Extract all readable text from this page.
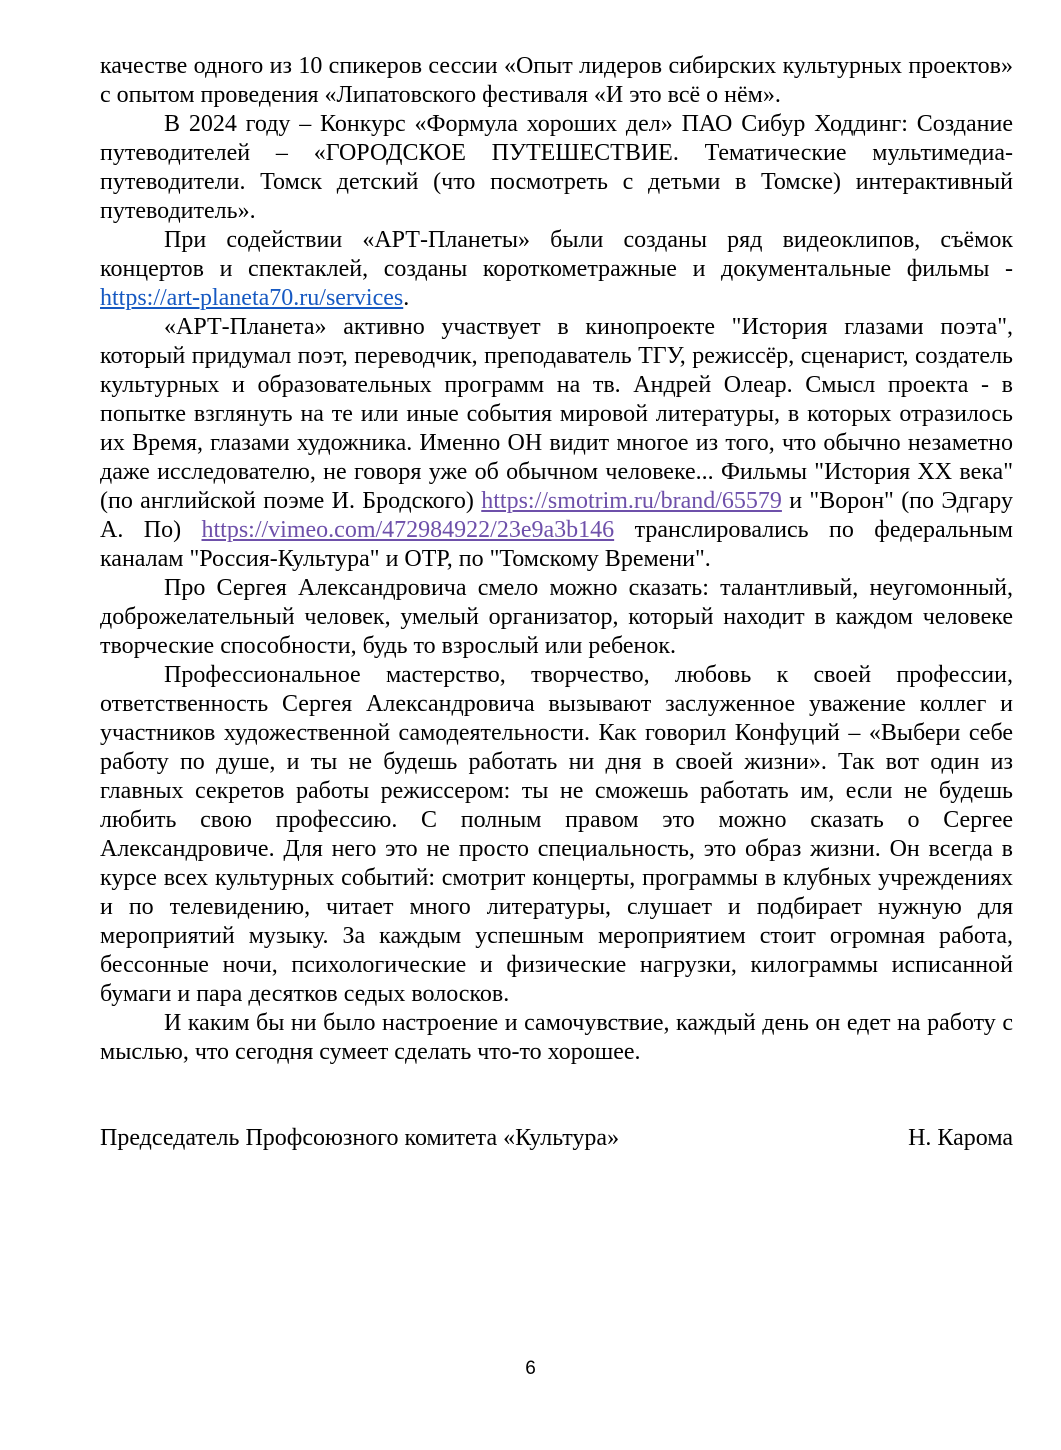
качестве одного из 10 спикеров сессии «Опыт лидеров сибирских культурных проектов» с опытом проведения «Липатовского фестиваля «И это всё о нём».

В 2024 году – Конкурс «Формула хороших дел» ПАО Сибур Ходдинг: Создание путеводителей – «ГОРОДСКОЕ ПУТЕШЕСТВИЕ. Тематические мультимедиа-путеводители. Томск детский (что посмотреть с детьми в Томске) интерактивный путеводитель».

При содействии «АРТ-Планеты» были созданы ряд видеоклипов, съёмок концертов и спектаклей, созданы короткометражные и документальные фильмы - https://art-planeta70.ru/services.

«АРТ-Планета» активно участвует в кинопроекте "История глазами поэта", который придумал поэт, переводчик, преподаватель ТГУ, режиссёр, сценарист, создатель культурных и образовательных программ на тв. Андрей Олеар. Смысл проекта - в попытке взглянуть на те или иные события мировой литературы, в которых отразилось их Время, глазами художника. Именно ОН видит многое из того, что обычно незаметно даже исследователю, не говоря уже об обычном человеке... Фильмы "История XX века" (по английской поэме И. Бродского) https://smotrim.ru/brand/65579 и "Ворон" (по Эдгару А. По) https://vimeo.com/472984922/23e9a3b146 транслировались по федеральным каналам "Россия-Культура" и ОТР, по "Томскому Времени".

Про Сергея Александровича смело можно сказать: талантливый, неугомонный, доброжелательный человек, умелый организатор, который находит в каждом человеке творческие способности, будь то взрослый или ребенок.

Профессиональное мастерство, творчество, любовь к своей профессии, ответственность Сергея Александровича вызывают заслуженное уважение коллег и участников художественной самодеятельности. Как говорил Конфуций – «Выбери себе работу по душе, и ты не будешь работать ни дня в своей жизни». Так вот один из главных секретов работы режиссером: ты не сможешь работать им, если не будешь любить свою профессию. С полным правом это можно сказать о Сергее Александровиче. Для него это не просто специальность, это образ жизни. Он всегда в курсе всех культурных событий: смотрит концерты, программы в клубных учреждениях и по телевидению, читает много литературы, слушает и подбирает нужную для мероприятий музыку. За каждым успешным мероприятием стоит огромная работа, бессонные ночи, психологические и физические нагрузки, килограммы исписанной бумаги и пара десятков седых волосков.

И каким бы ни было настроение и самочувствие, каждый день он едет на работу с мыслью, что сегодня сумеет сделать что-то хорошее.

Председатель Профсоюзного комитета «Культура»	Н. Карома
6
